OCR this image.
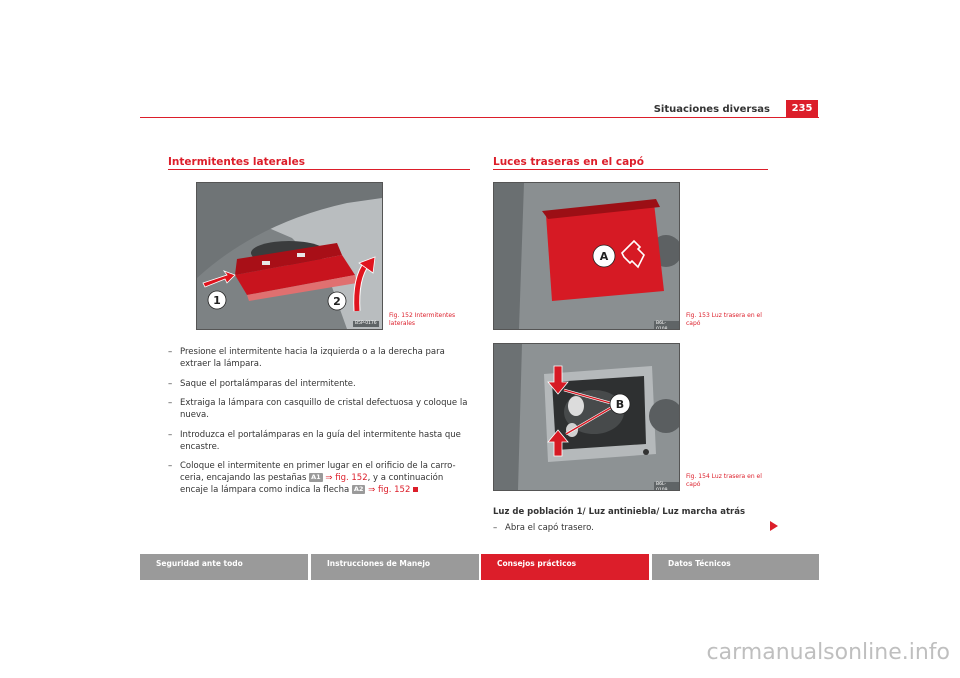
Situaciones diversas	235
Intermitentes laterales
1	2
B5P-0176
Fig. 152 Intermitentes
laterales
– Presione el intermitente hacia la izquierda o a la derecha para extraer la lámpara.
– Saque el portalámparas del intermitente.
– Extraiga la lámpara con casquillo de cristal defectuosa y coloque la nueva.
– Introduzca el portalámparas en la guía del intermitente hasta que encastre.
– Coloque el intermitente en primer lugar en el orificio de la carro-ceria, encajando las pestañas A1 ⇒ fig. 152, y a continuación encaje la lámpara como indica la flecha A2 ⇒ fig. 152
Luces traseras en el capó
A
B6L-0108
Fig. 153 Luz trasera en el
capó
B
B6L-0109
Fig. 154 Luz trasera en el
capó
Luz de población 1/ Luz antiniebla/ Luz marcha atrás
– Abra el capó trasero.
Seguridad ante todo	Instrucciones de Manejo	Consejos prácticos	Datos Técnicos
carmanualsonline.info
